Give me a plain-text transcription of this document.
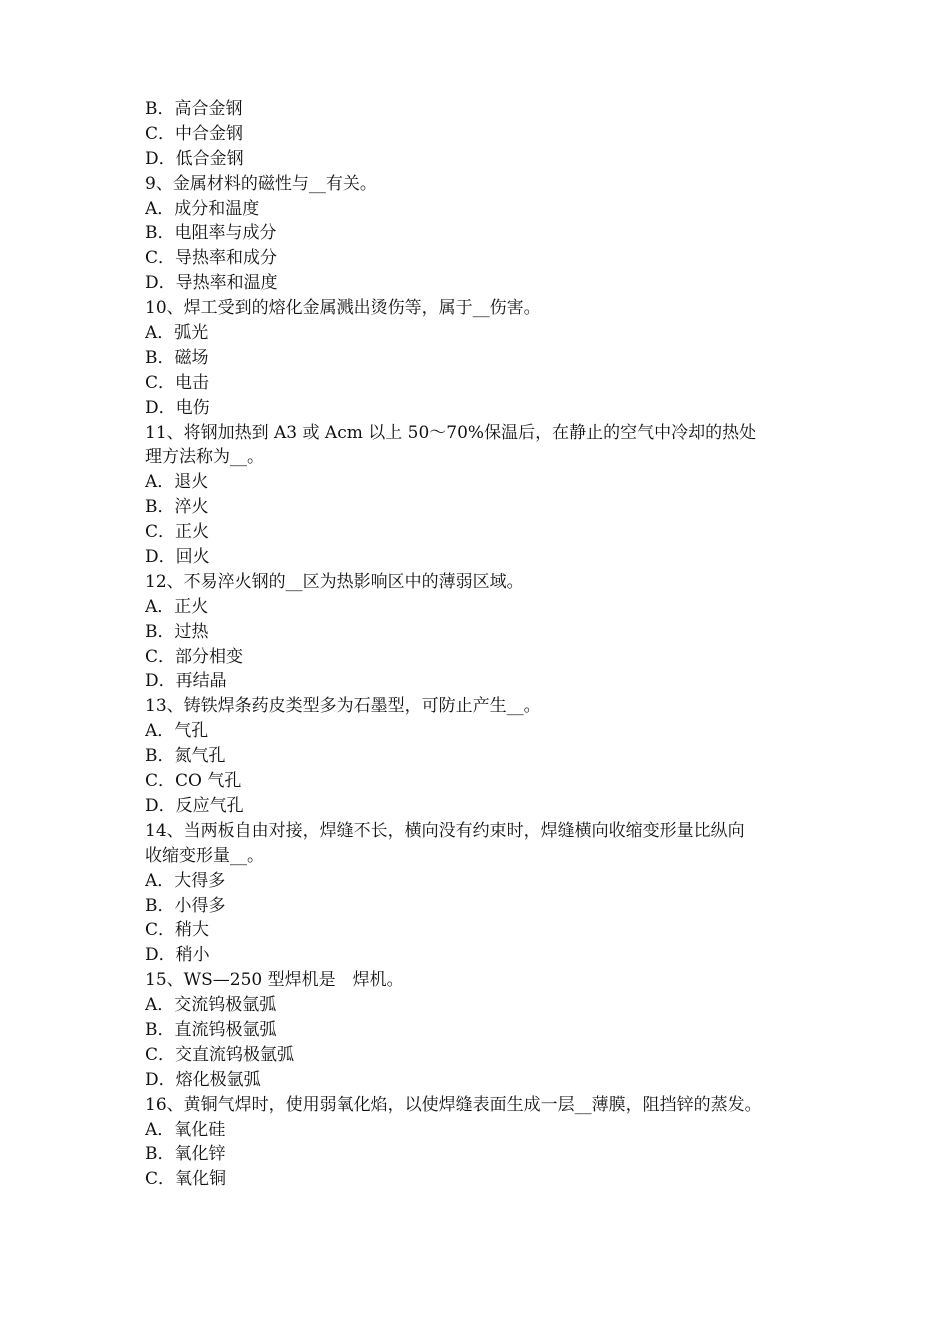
B．高合金钢
C．中合金钢
D．低合金钢
9、金属材料的磁性与__有关。
A．成分和温度
B．电阻率与成分
C．导热率和成分
D．导热率和温度
10、焊工受到的熔化金属溅出烫伤等，属于__伤害。
A．弧光
B．磁场
C．电击
D．电伤
11、将钢加热到 A3 或 Acm 以上 50～70%保温后，在静止的空气中冷却的热处
理方法称为__。
A．退火
B．淬火
C．正火
D．回火
12、不易淬火钢的__区为热影响区中的薄弱区域。
A．正火
B．过热
C．部分相变
D．再结晶
13、铸铁焊条药皮类型多为石墨型，可防止产生__。
A．气孔
B．氮气孔
C．CO 气孔
D．反应气孔
14、当两板自由对接，焊缝不长，横向没有约束时，焊缝横向收缩变形量比纵向
收缩变形量__。
A．大得多
B．小得多
C．稍大
D．稍小
15、WS—250 型焊机是　焊机。
A．交流钨极氩弧
B．直流钨极氩弧
C．交直流钨极氩弧
D．熔化极氩弧
16、黄铜气焊时，使用弱氧化焰，以使焊缝表面生成一层__薄膜，阻挡锌的蒸发。
A．氧化硅
B．氧化锌
C．氧化铜
